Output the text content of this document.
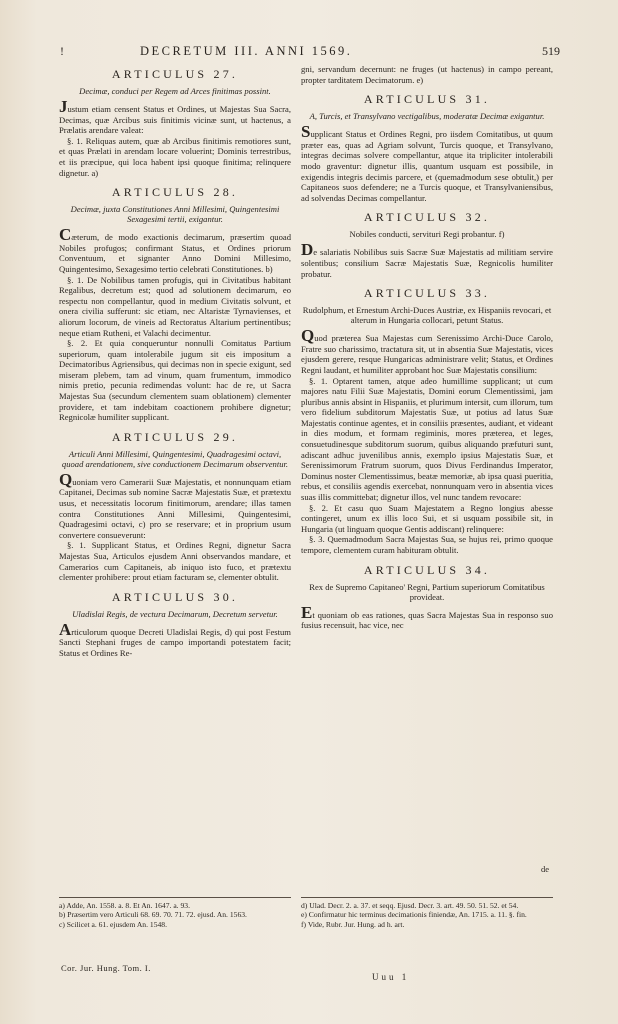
!	DECRETUM III. ANNI 1569.	519
ARTICULUS 27.
Decimæ, conduci per Regem ad Arces finitimas possint.

Justum etiam censent Status et Ordines, ut Majestas Sua Sacra, Decimas, quæ Arcibus suis finitimis vicinæ sunt, ut hactenus, a Prælatis arendare valeat:

§. 1. Reliquas autem, quæ ab Arcibus finitimis remotiores sunt, et quas Prælati in arendam locare voluerint; Dominis terrestribus, et iis præcipue, qui loca habent ipsi quoque finitima; relinquere dignetur. a)

ARTICULUS 28.
Decimæ, juxta Constitutiones Anni Millesimi, Quingentesimi Sexagesimi tertii, exigantur.

Cæterum, de modo exactionis decimarum, præsertim quoad Nobiles profugos; confirmant Status, et Ordines priorum Conventuum, et signanter Anno Domini Millesimo, Quingentesimo, Sexagesimo tertio celebrati Constitutiones. b)

§. 1. De Nobilibus tamen profugis, qui in Civitatibus habitant Regalibus, decretum est; quod ad solutionem decimarum, eo respectu non compellantur, quod in medium Civitatis solvunt, et onera civilia sufferunt: sic etiam, nec Altaristæ Tyrnavienses, et aliorum locorum, de vineis ad Rectoratus Altarium pertinentibus; neque etiam Rutheni, et Valachi decimentur.

§. 2. Et quia conqueruntur nonnulli Comitatus Partium superiorum, quam intolerabile jugum sit eis impositum a Decimatoribus Agriensibus, qui decimas non in specie exigunt, sed miseram plebem, tam ad vinum, quam frumentum, immodico nimis pretio, pecunia redimendas volunt: hac de re, ut Sacra Majestas Sua (secundum clementem suam oblationem) clementer providere, et tam indebitam coactionem prohibere dignetur; Regnicolæ humiliter supplicant.

ARTICULUS 29.
Articuli Anni Millesimi, Quingentesimi, Quadragesimi octavi, quoad arendationem, sive conductionem Decimarum observentur.

Quoniam vero Camerarii Suæ Majestatis, et nonnunquam etiam Capitanei, Decimas sub nomine Sacræ Majestatis Suæ, et prætextu usus, et necessitatis locorum finitimorum, arendare; illas tamen contra Constitutiones Anni Millesimi, Quingentesimi, Quadragesimi octavi, c) pro se reservare; et in proprium usum convertere consueverunt:

§. 1. Supplicant Status, et Ordines Regni, dignetur Sacra Majestas Sua, Articulos ejusdem Anni observandos mandare, et Camerarios cum Capitaneis, ab iniquo isto fuco, et prætextu clementer prohibere: prout etiam facturam se, clementer obtulit.

ARTICULUS 30.
Uladislai Regis, de vectura Decimarum, Decretum servetur.

Articulorum quoque Decreti Uladislai Regis, d) qui post Festum Sancti Stephani fruges de campo importandi potestatem facit; Status et Ordines Re-

gni, servandum decernunt: ne fruges (ut hactenus) in campo pereant, propter tarditatem Decimatorum. e)

ARTICULUS 31.
A, Turcis, et Transylvano vectigalibus, moderatæ Decimæ exigantur.

Supplicant Status et Ordines Regni, pro iisdem Comitatibus, ut quum præter eas, quas ad Agriam solvunt, Turcis quoque, et Transylvano, integras decimas solvere compellantur, atque ita tripliciter intolerabili modo graventur: dignetur illis, quantum usquam est possibile, in exigendis integris decimis parcere, et (quemadmodum sese obtulit,) per Capitaneos suos defendere; ne a Turcis quoque, et Transylvaniensibus, ad solvendas Decimas compellantur.

ARTICULUS 32.
Nobiles conducti, servituri Regi probantur. f)

De salariatis Nobilibus suis Sacræ Suæ Majestatis ad militiam servire solentibus; consilium Sacræ Majestatis Suæ, Regnicolis humiliter probatur.

ARTICULUS 33.
Rudolphum, et Ernestum Archi-Duces Austriæ, ex Hispaniis revocari, et alterum in Hungaria collocari, petunt Status.

Quod præterea Sua Majestas cum Serenissimo Archi-Duce Carolo, Fratre suo charissimo, tractatura sit, ut in absentia Suæ Majestatis, vices ejusdem gerere, resque Hungaricas administrare velit; Status, et Ordines Regni laudant, et humiliter approbant hoc Suæ Majestatis consilium:

§. 1. Optarent tamen, atque adeo humillime supplicant; ut cum majores natu Filii Suæ Majestatis, Domini eorum Clementissimi, jam pluribus annis absint in Hispaniis, et plurimum intersit, cum illorum, tum vero fidelium subditorum Majestatis Suæ, ut potius ad latus Suæ Majestatis continue agentes, et in consiliis præsentes, audiant, et videant in dies modum, et formam regiminis, mores præterea, et leges, consuetudinesque subditorum suorum, quibus aliquando præfuturi sunt, adiscant adhuc juvenilibus annis, exemplo ipsius Majestatis Suæ, et Serenissimorum Fratrum suorum, quos Divus Ferdinandus Imperator, Dominus noster Clementissimus, beatæ memoriæ, ab ipsa quasi pueritia, rebus, et consiliis agendis exercebat, nonnunquam vero in absentia vices suas illis committebat; dignetur illos, vel nunc tandem revocare:

§. 2. Et casu quo Suam Majestatem a Regno longius abesse contingeret, unum ex illis loco Sui, et si usquam possibile sit, in Hungaria (ut linguam quoque Gentis addiscant) relinquere:

§. 3. Quemadmodum Sacra Majestas Sua, se hujus rei, primo quoque tempore, clementem curam habituram obtulit.

ARTICULUS 34.
Rex de Supremo Capitaneo' Regni, Partium superiorum Comitatibus provideat.

Et quoniam ob eas rationes, quas Sacra Majestas Sua in responso suo fusius recensuit, hac vice, nec

a) Adde, An. 1558. a. 8. Et An. 1647. a. 93.
b) Præsertim vero Articuli 68. 69. 70. 71. 72. ejusd. An. 1563.
c) Scilicet a. 61. ejusdem An. 1548.
d) Ulad. Decr. 2. a. 37. et seqq. Ejusd. Decr. 3. art. 49. 50. 51. 52. et 54.
e) Confirmatur hic terminus decimationis finiendæ, An. 1715. a. 11. §. fin.
f) Vide, Rubr. Jur. Hung. ad h. art.
de
Cor. Jur. Hung. Tom. I.
Uuu 1
